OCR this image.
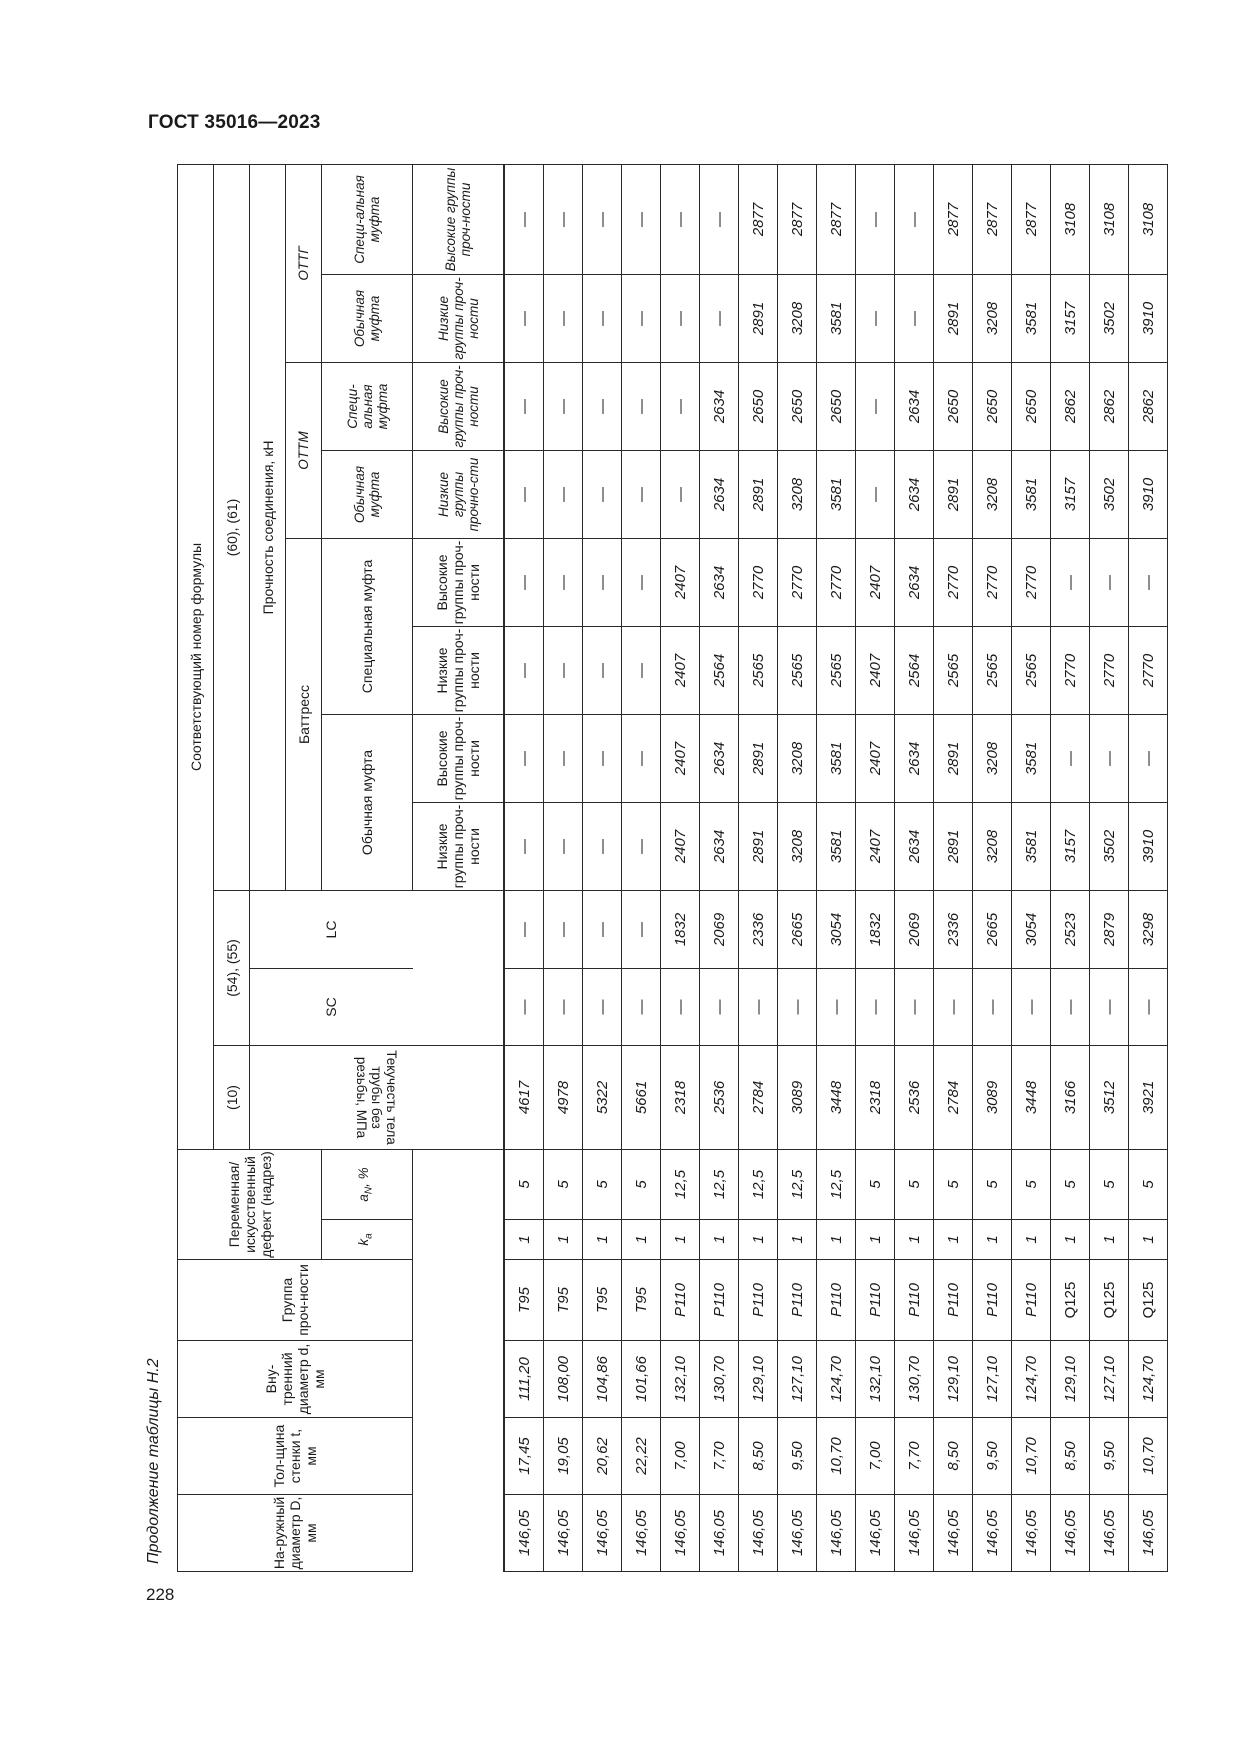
ГОСТ 35016—2023
Продолжение таблицы Н.2	На-ружный диаметр D, мм	Тол-щина стенки t, мм	Вну-тренний диаметр d, мм	Группа проч-ности	Переменная/ искусственный дефект (надрез)		Соответствующий номер формулы										
						(10)	(54), (55)		(60), (61)							
						Текучесть тела трубы без резьбы, МПа	SC	LC	Прочность соединения, кН							
									Баттресс				ОТТМ		ОТТГ	
				$k_a$	$a_N$, %				Обычная муфта		Специальная муфта		Обычная муфта	Специ-альная муфта	Обычная муфта	Специ-альная муфта
									Низкие группы проч-ности	Высокие группы проч-ности	Низкие группы проч-ности	Высокие группы проч-ности	Низкие группы прочно-сти	Высокие группы проч-ности	Низкие группы проч-ности	Высокие группы проч-ности
146,05	17,45	111,20	T95	1	5	4617	—	—	—	—	—	—	—	—	—	—
146,05	19,05	108,00	T95	1	5	4978	—	—	—	—	—	—	—	—	—	—
146,05	20,62	104,86	T95	1	5	5322	—	—	—	—	—	—	—	—	—	—
146,05	22,22	101,66	T95	1	5	5661	—	—	—	—	—	—	—	—	—	—
146,05	7,00	132,10	P110	1	12,5	2318	—	1832	2407	2407	2407	2407	—	—	—	—
146,05	7,70	130,70	P110	1	12,5	2536	—	2069	2634	2634	2564	2634	2634	2634	—	—
146,05	8,50	129,10	P110	1	12,5	2784	—	2336	2891	2891	2565	2770	2891	2650	2891	2877
146,05	9,50	127,10	P110	1	12,5	3089	—	2665	3208	3208	2565	2770	3208	2650	3208	2877
146,05	10,70	124,70	P110	1	12,5	3448	—	3054	3581	3581	2565	2770	3581	2650	3581	2877
146,05	7,00	132,10	P110	1	5	2318	—	1832	2407	2407	2407	2407	—	—	—	—
146,05	7,70	130,70	P110	1	5	2536	—	2069	2634	2634	2564	2634	2634	2634	—	—
146,05	8,50	129,10	P110	1	5	2784	—	2336	2891	2891	2565	2770	2891	2650	2891	2877
146,05	9,50	127,10	P110	1	5	3089	—	2665	3208	3208	2565	2770	3208	2650	3208	2877
146,05	10,70	124,70	P110	1	5	3448	—	3054	3581	3581	2565	2770	3581	2650	3581	2877
146,05	8,50	129,10	Q125	1	5	3166	—	2523	3157	—	2770	—	3157	2862	3157	3108
146,05	9,50	127,10	Q125	1	5	3512	—	2879	3502	—	2770	—	3502	2862	3502	3108
146,05	10,70	124,70	Q125	1	5	3921	—	3298	3910	—	2770	—	3910	2862	3910	3108
228
